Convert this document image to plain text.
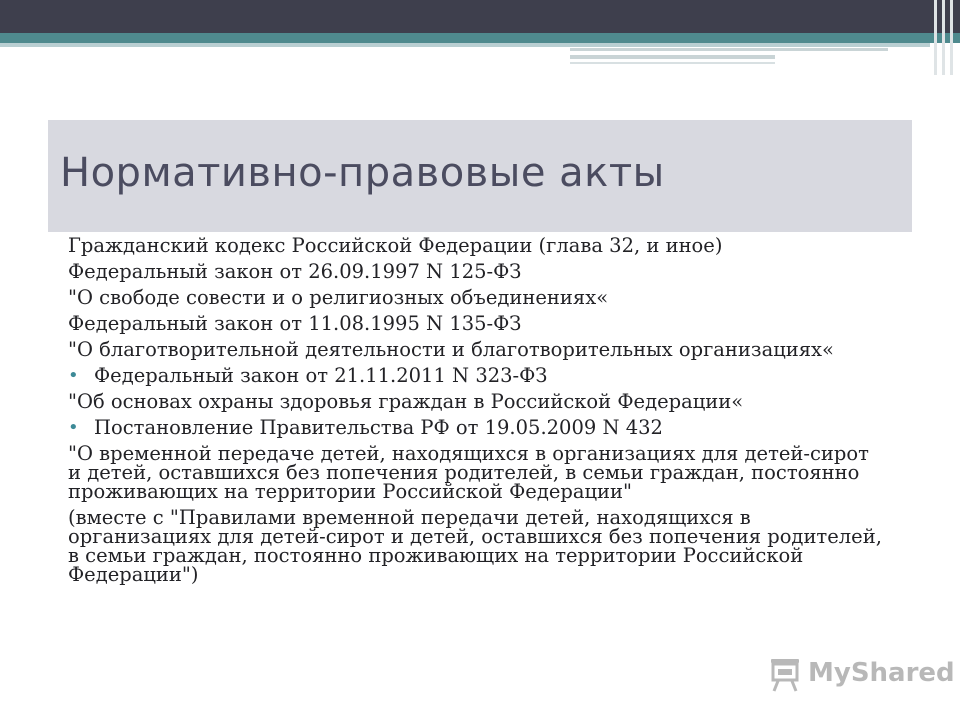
Нормативно-правовые акты

Гражданский кодекс Российской Федерации (глава 32, и иное)

Федеральный закон от 26.09.1997 N 125-ФЗ

"О свободе совести и о религиозных объединениях«

Федеральный закон от 11.08.1995 N 135-ФЗ

"О благотворительной деятельности и благотворительных организациях«

• Федеральный закон от 21.11.2011 N 323-ФЗ

"Об основах охраны здоровья граждан в Российской Федерации«

• Постановление Правительства РФ от 19.05.2009 N 432

"О временной передаче детей, находящихся в организациях для детей-сирот и детей, оставшихся без попечения родителей, в семьи граждан, постоянно проживающих на территории Российской Федерации"

(вместе с "Правилами временной передачи детей, находящихся в организациях для детей-сирот и детей, оставшихся без попечения родителей, в семьи граждан, постоянно проживающих на территории Российской Федерации")

MyShared
